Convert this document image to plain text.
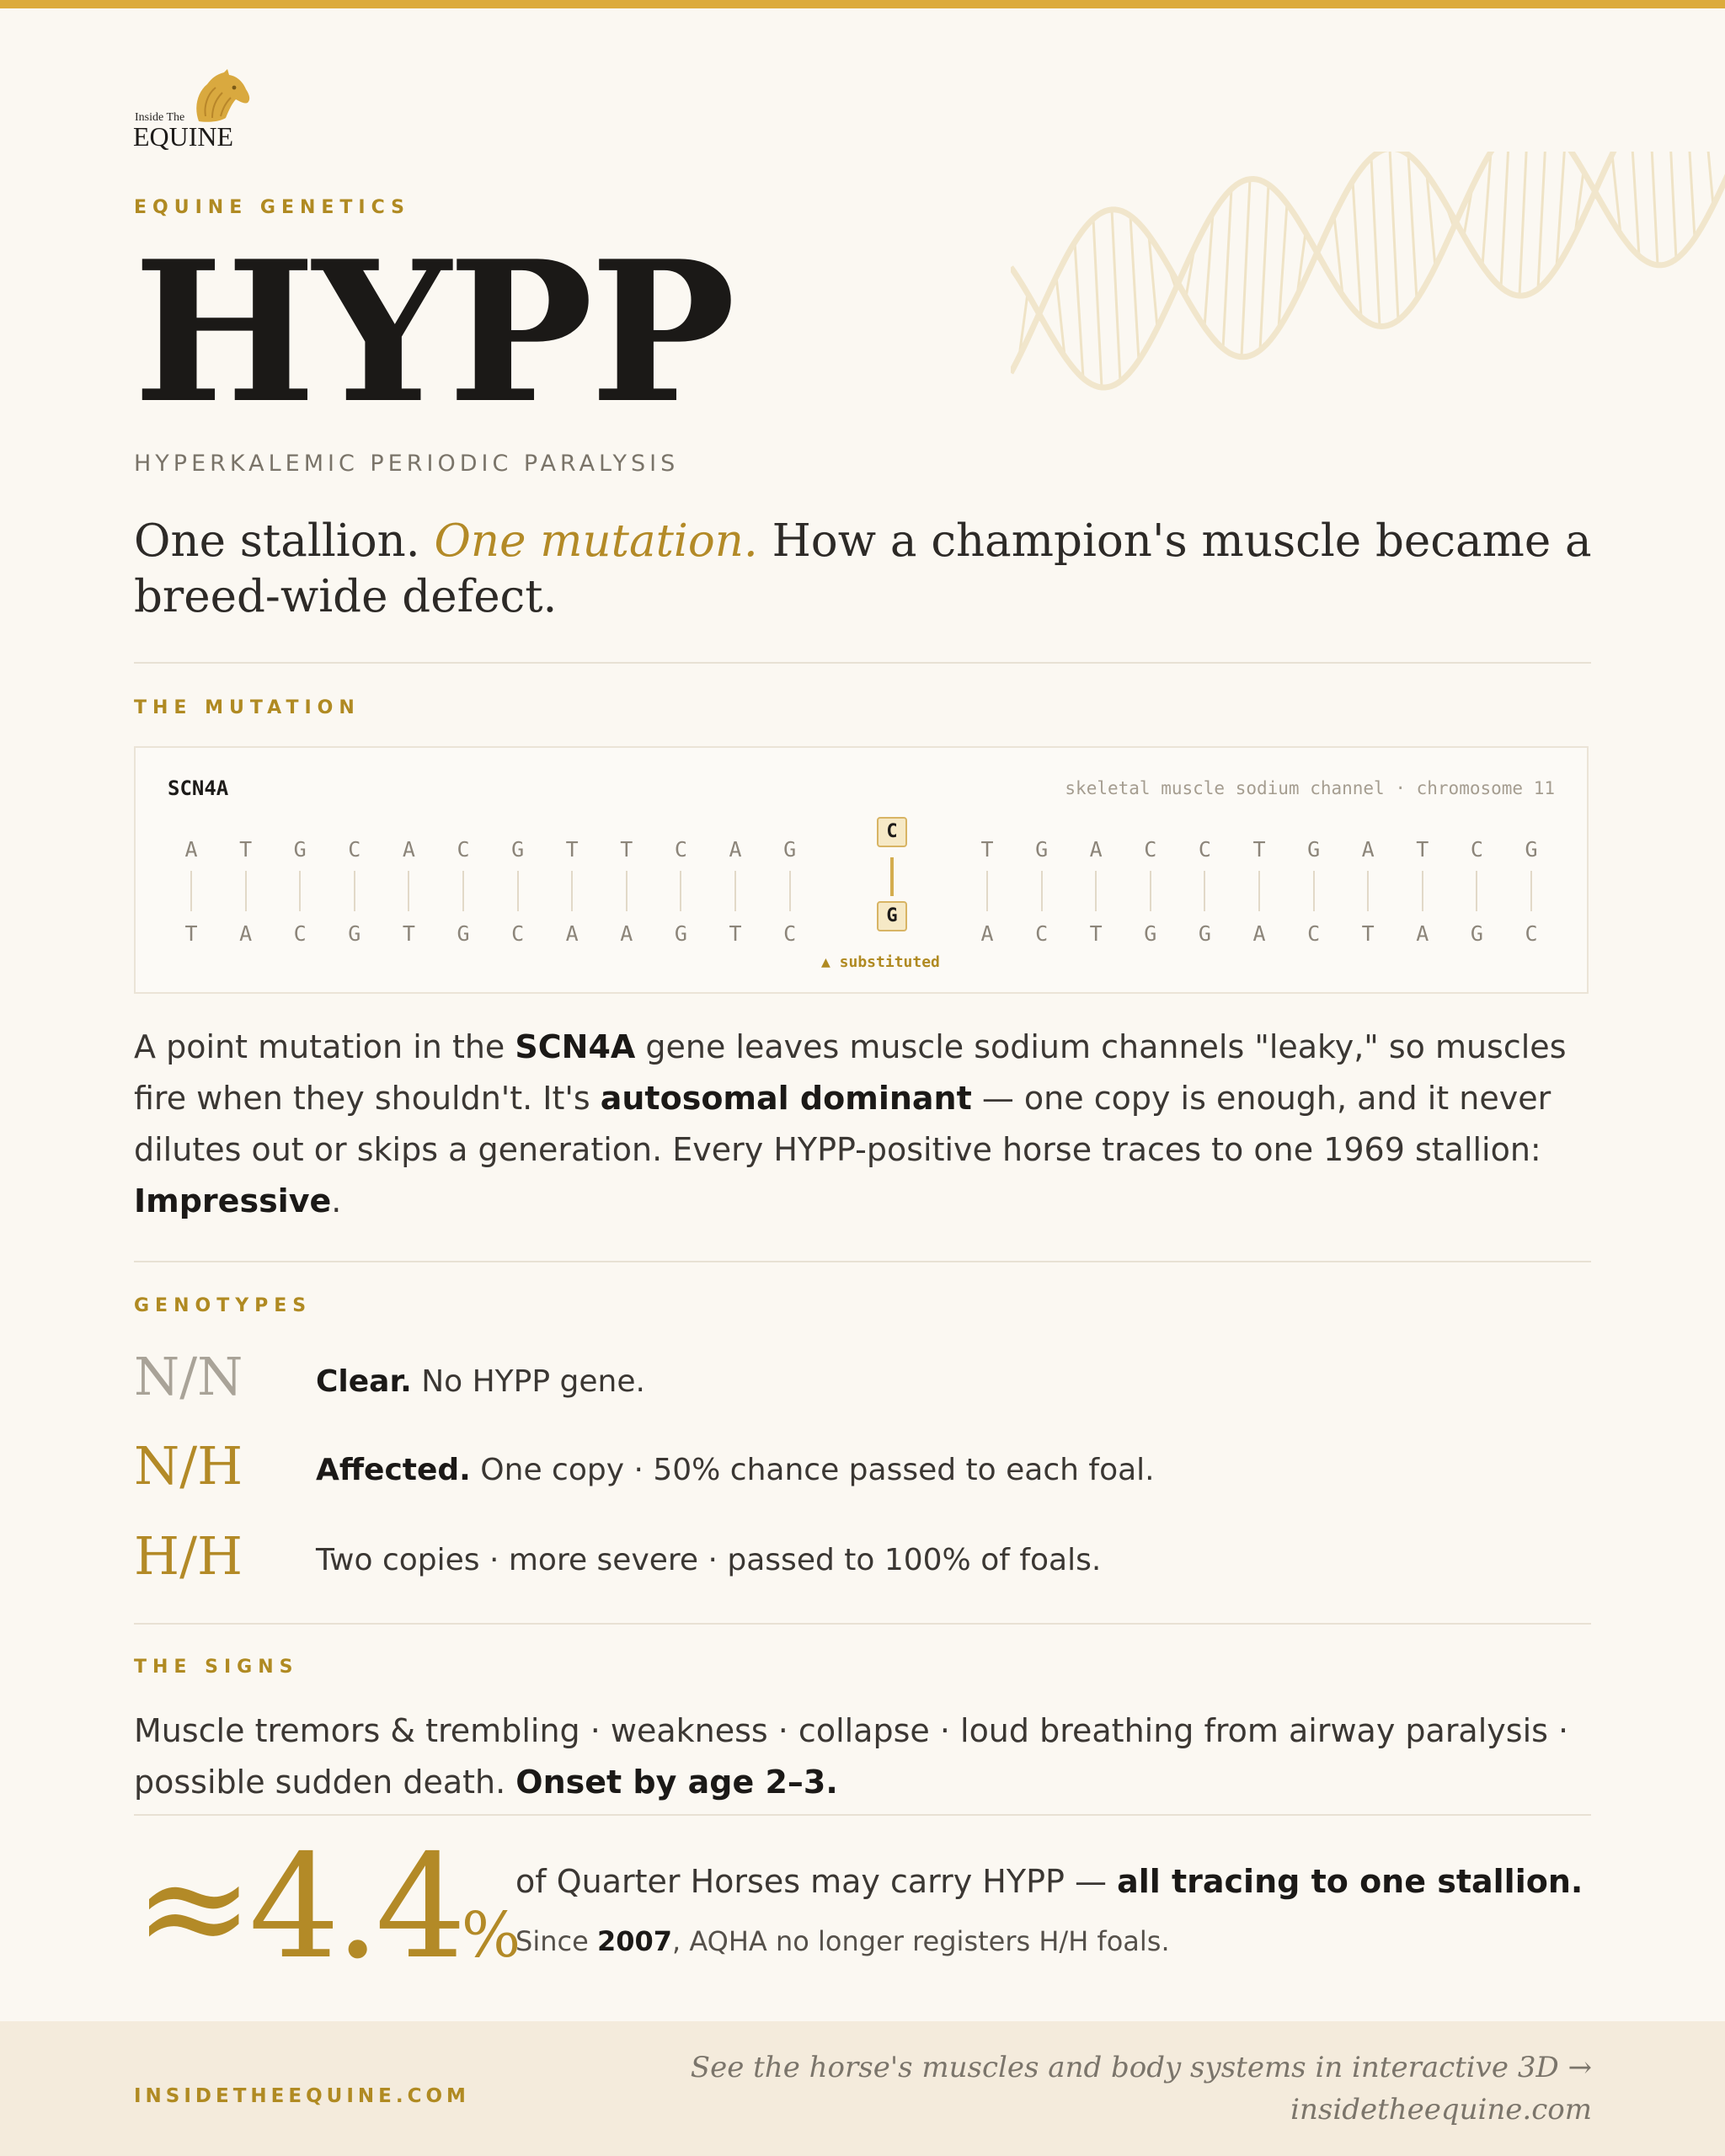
Inside The
EQUINE
EQUINE GENETICS
HYPP
HYPERKALEMIC PERIODIC PARALYSIS
One stallion. One mutation. How a champion's muscle became a breed-wide defect.
THE MUTATION
SCN4A	skeletal muscle sodium channel · chromosome 11
A
T
T
A
G
C
C
G
A
T
C
G
G
C
T
A
T
A
C
G
A
T
G
C
T
A
G
C
A
T
C
G
C
G
T
A
G
C
A
T
T
A
C
G
G
C
C
G
▲ substituted
A point mutation in the SCN4A gene leaves muscle sodium channels "leaky," so muscles fire when they shouldn't. It's autosomal dominant — one copy is enough, and it never dilutes out or skips a generation. Every HYPP-positive horse traces to one 1969 stallion: Impressive.
GENOTYPES
N/N Clear. No HYPP gene.
N/H Affected. One copy · 50% chance passed to each foal.
H/H Two copies · more severe · passed to 100% of foals.
THE SIGNS
Muscle tremors & trembling · weakness · collapse · loud breathing from airway paralysis · possible sudden death. Onset by age 2–3.
≈4.4%
of Quarter Horses may carry HYPP — all tracing to one stallion.
Since 2007, AQHA no longer registers H/H foals.
INSIDETHEEQUINE.COM
See the horse's muscles and body systems in interactive 3D →
insidetheequine.com
